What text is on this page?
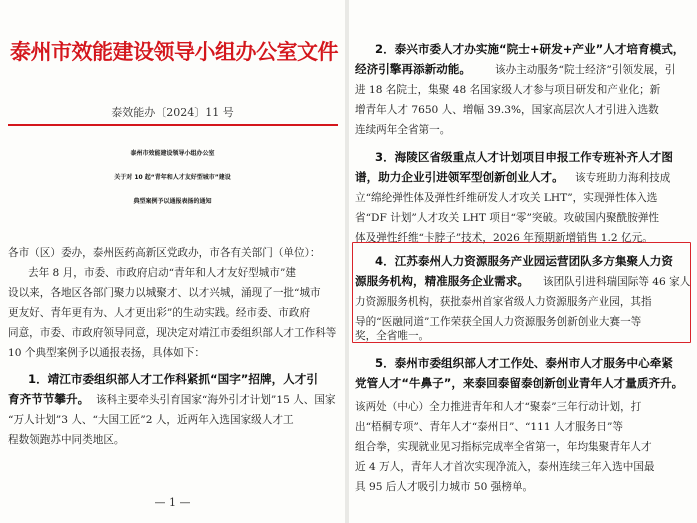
泰州市效能建设领导小组办公室文件
泰效能办〔2024〕11 号
泰州市效能建设领导小组办公室
关于对 10 起“青年和人才友好型城市”建设
典型案例予以通报表扬的通知
各市（区）委办，泰州医药高新区党政办，市各有关部门（单位）：
去年 8 月，市委、市政府启动“青年和人才友好型城市”建
设以来，各地区各部门聚力以城聚才、以才兴城，涌现了一批“城市
更友好、青年更有为、人才更出彩”的生动实践。经市委、市政府
同意，市委、市政府领导同意，现决定对靖江市委组织部人才工作科等
10 个典型案例予以通报表扬，具体如下：
1．靖江市委组织部人才工作科紧抓“国字”招牌，人才引
育齐节节攀升。 该科主要牵头引育国家“海外引才计划”15 人、国家
“万人计划”3 人、“大国工匠”2 人，近两年入选国家级人才工
程数领跑苏中同类地区。
— 1 —
2．泰兴市委人才办实施“院士+研发+产业”人才培育模式，
经济引擎再添新动能。 该办主动服务“院士经济”引领发展，引
进 18 名院士，集聚 48 名国家级人才参与项目研发和产业化；新
增青年人才 7650 人、增幅 39.3%，国家高层次人才引进入选数
连续两年全省第一。
3．海陵区省级重点人才计划项目申报工作专班补齐人才图
谱，助力企业引进领军型创新创业人才。 该专班助力海利技成
立“绵纶弹性体及弹性纤维研发人才攻关 LHT”，实现弹性体入选
省“DF 计划”人才攻关 LHT 项目“零”突破。攻破国内聚酰胺弹性
体及弹性纤维“卡脖子”技术，2026 年预期新增销售 1.2 亿元。
4．江苏泰州人力资源服务产业园运营团队多方集聚人力资
源服务机构，精准服务企业需求。 该团队引进科瑞国际等 46 家人
力资源服务机构，获批泰州首家省级人力资源服务产业园，其指
导的“医融同道”工作荣获全国人力资源服务创新创业大赛一等
奖，全省唯一。
5．泰州市委组织部人才工作处、泰州市人才服务中心牵紧
党管人才“牛鼻子”，来泰回泰留泰创新创业青年人才量质齐升。
该两处（中心）全力推进青年和人才“聚泰”三年行动计划，打
出“梧桐专项”、青年人才“泰州日”、“111 人才服务日”等
组合拳，实现就业见习指标完成率全省第一，年均集聚青年人才
近 4 万人，青年人才首次实现净流入，泰州连续三年入选中国最
具 95 后人才吸引力城市 50 强榜单。
